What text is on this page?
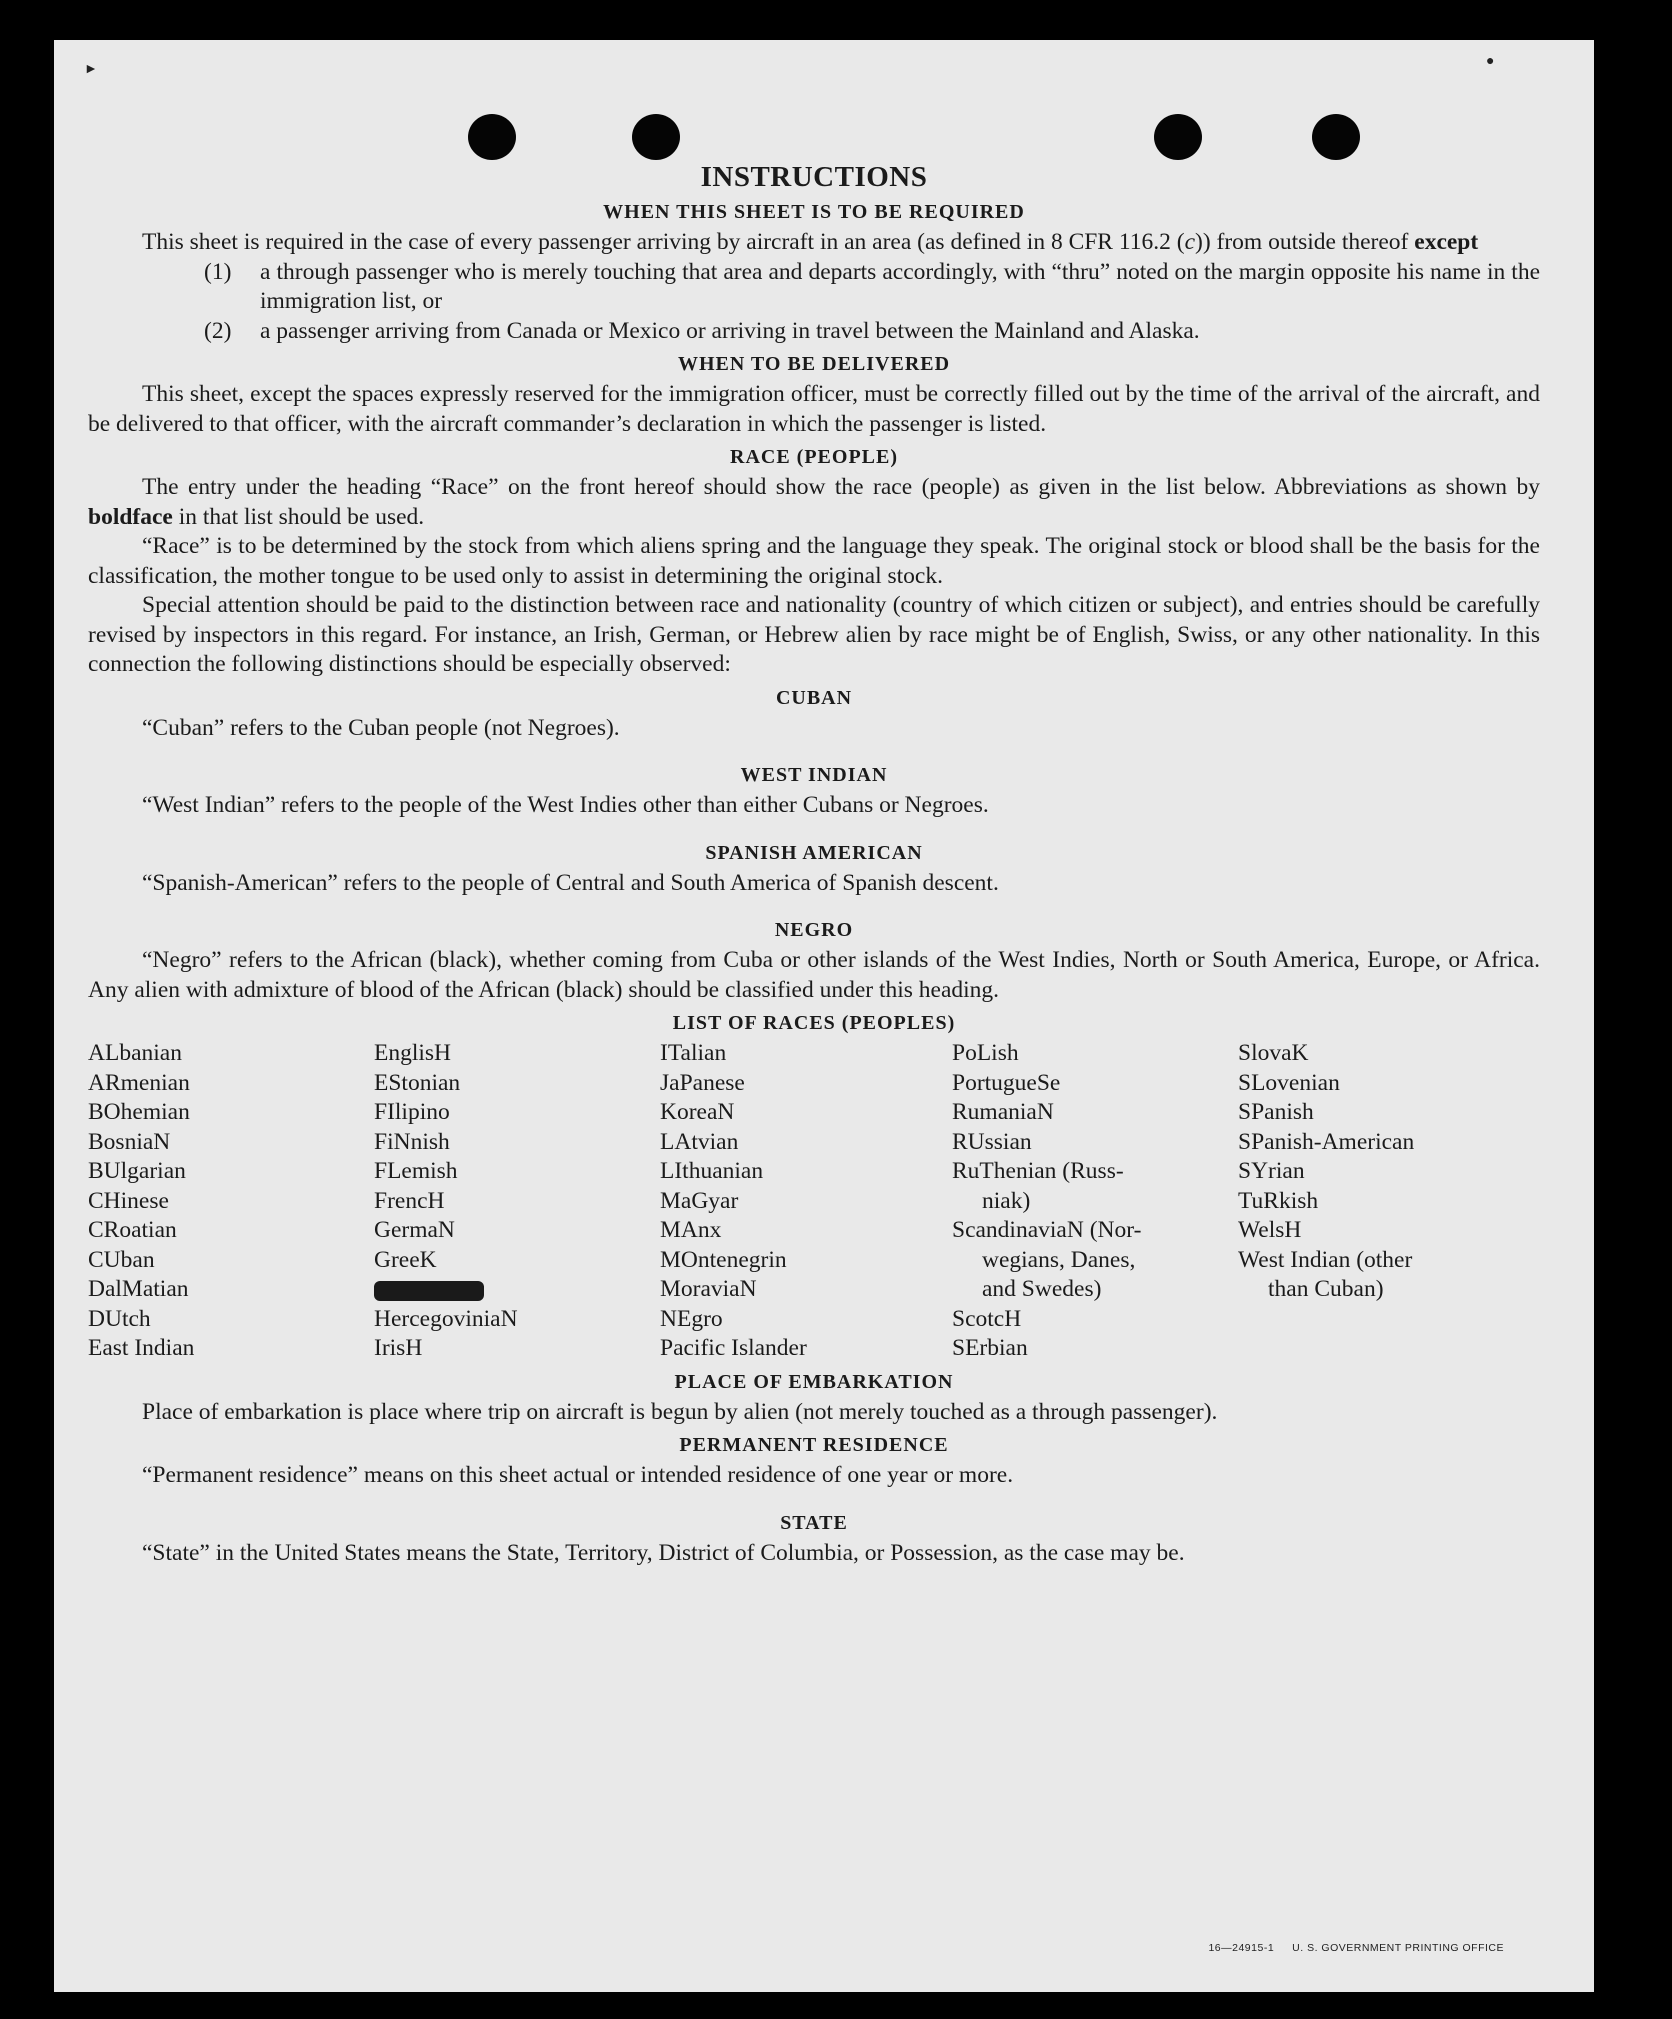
►
●
INSTRUCTIONS
WHEN THIS SHEET IS TO BE REQUIRED

This sheet is required in the case of every passenger arriving by aircraft in an area (as defined in 8 CFR 116.2 (c)) from outside thereof except

(1)	a through passenger who is merely touching that area and departs accordingly, with “thru” noted on the margin opposite his name in the immigration list, or
(2)	a passenger arriving from Canada or Mexico or arriving in travel between the Mainland and Alaska.
WHEN TO BE DELIVERED

This sheet, except the spaces expressly reserved for the immigration officer, must be correctly filled out by the time of the arrival of the aircraft, and be delivered to that officer, with the aircraft commander’s declaration in which the passenger is listed.

RACE (PEOPLE)

The entry under the heading “Race” on the front hereof should show the race (people) as given in the list below. Abbreviations as shown by boldface in that list should be used.

“Race” is to be determined by the stock from which aliens spring and the language they speak. The original stock or blood shall be the basis for the classification, the mother tongue to be used only to assist in determining the original stock.

Special attention should be paid to the distinction between race and nationality (country of which citizen or subject), and entries should be carefully revised by inspectors in this regard. For instance, an Irish, German, or Hebrew alien by race might be of English, Swiss, or any other nationality. In this connection the following distinctions should be especially observed:

CUBAN

“Cuban” refers to the Cuban people (not Negroes).

WEST INDIAN

“West Indian” refers to the people of the West Indies other than either Cubans or Negroes.

SPANISH AMERICAN

“Spanish-American” refers to the people of Central and South America of Spanish descent.

NEGRO

“Negro” refers to the African (black), whether coming from Cuba or other islands of the West Indies, North or South America, Europe, or Africa. Any alien with admixture of blood of the African (black) should be classified under this heading.

LIST OF RACES (PEOPLES)
ALbanian
ARmenian
BOhemian
BosniaN
BUlgarian
CHinese
CRoatian
CUban
DalMatian
DUtch
East Indian
EnglisH
EStonian
FIlipino
FiNnish
FLemish
FrencH
GermaN
GreeK
HercegoviniaN
IrisH
ITalian
JaPanese
KoreaN
LAtvian
LIthuanian
MaGyar
MAnx
MOntenegrin
MoraviaN
NEgro
Pacific Islander
PoLish
PortugueSe
RumaniaN
RUssian
RuThenian (Russ-
niak)
ScandinaviaN (Nor-
wegians, Danes,
and Swedes)
ScotcH
SErbian
SlovaK
SLovenian
SPanish
SPanish-American
SYrian
TuRkish
WelsH
West Indian (other
than Cuban)
PLACE OF EMBARKATION

Place of embarkation is place where trip on aircraft is begun by alien (not merely touched as a through passenger).

PERMANENT RESIDENCE

“Permanent residence” means on this sheet actual or intended residence of one year or more.

STATE

“State” in the United States means the State, Territory, District of Columbia, or Possession, as the case may be.

16—24915-1 U. S. GOVERNMENT PRINTING OFFICE
